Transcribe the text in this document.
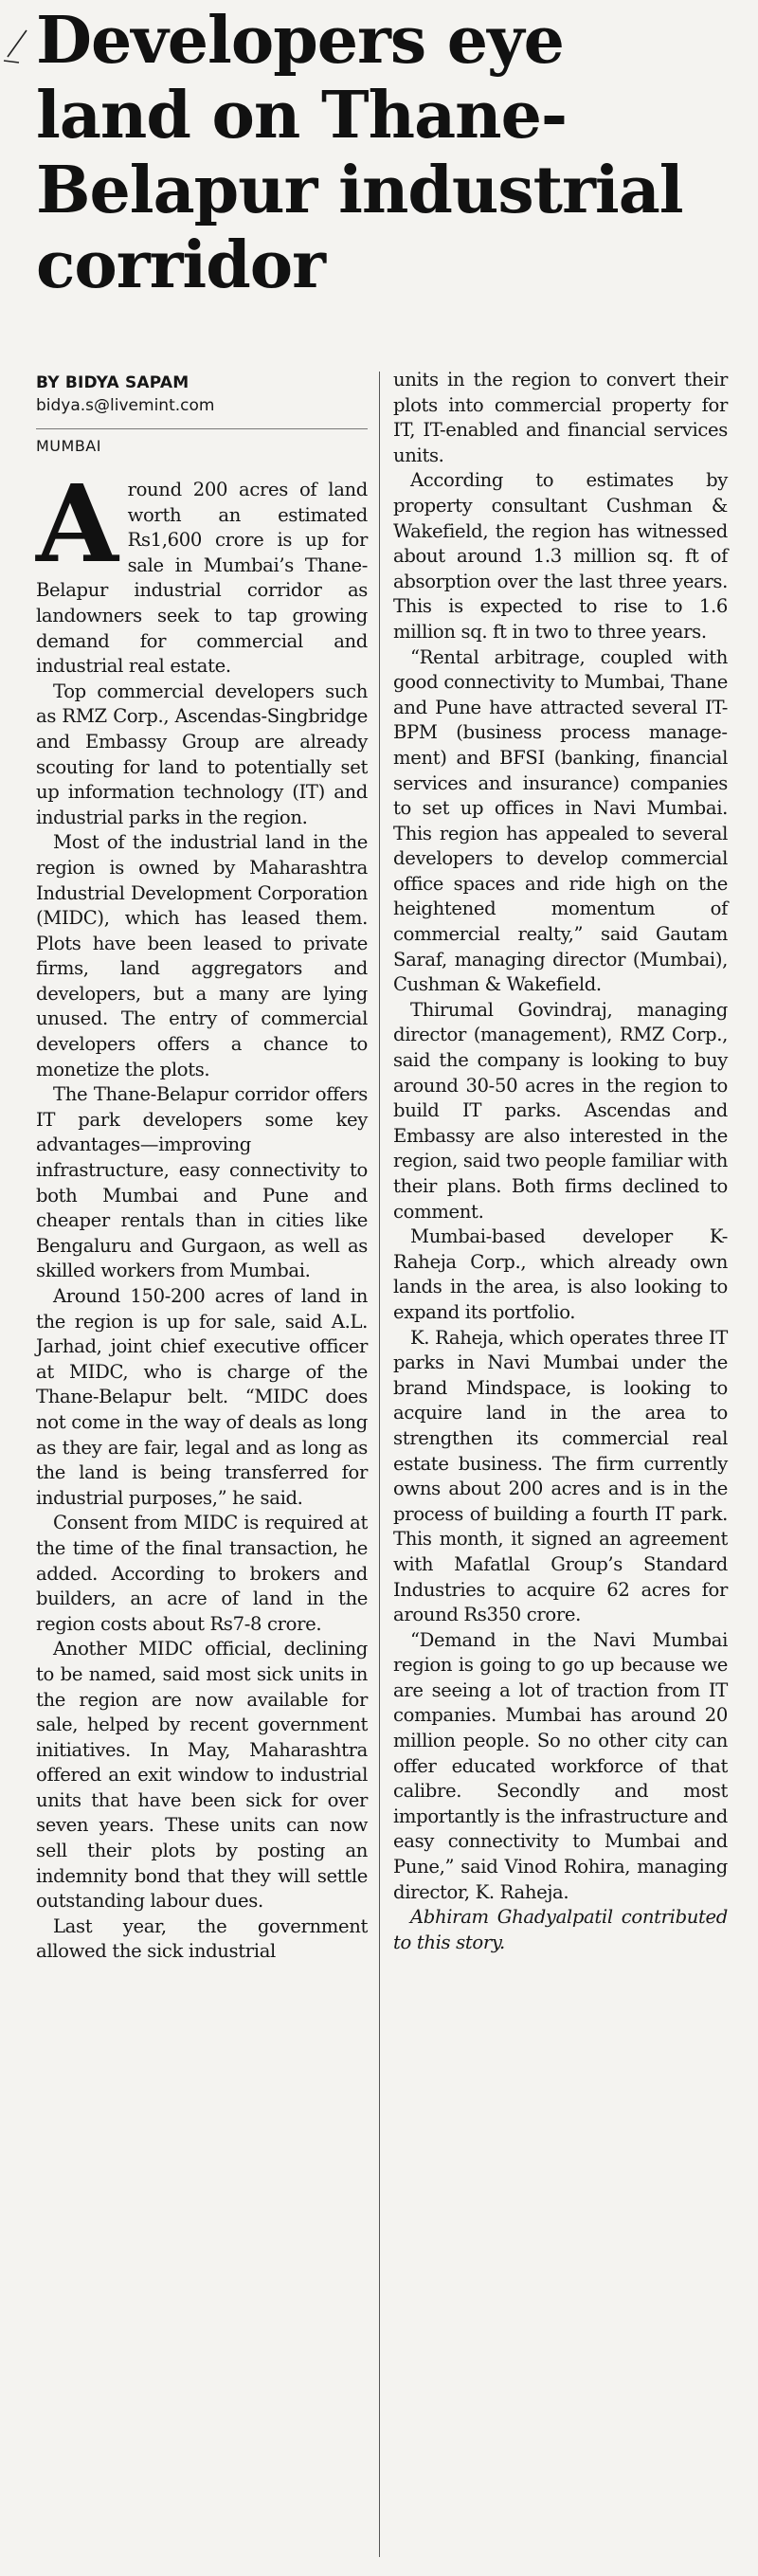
Developers eye land on Thane-Belapur industrial corridor
BY BIDYA SAPAM
bidya.s@livemint.com
MUMBAI

Around 200 acres of land worth an estimated Rs1,600 crore is up for sale in Mumbai’s Thane-Belapur industrial corridor as landowners seek to tap growing demand for commercial and industrial real estate.

Top commercial developers such as RMZ Corp., Ascendas-Singbridge and Embassy Group are already scouting for land to potentially set up information technology (IT) and industrial parks in the region.

Most of the industrial land in the region is owned by Maharashtra Industrial Development Corporation (MIDC), which has leased them. Plots have been leased to private firms, land aggregators and developers, but a many are lying unused. The entry of commercial developers offers a chance to monetize the plots.

The Thane-Belapur corridor offers IT park developers some key advantages—improving infrastructure, easy connectivity to both Mumbai and Pune and cheaper rentals than in cities like Bengaluru and Gurgaon, as well as skilled workers from Mumbai.

Around 150-200 acres of land in the region is up for sale, said A.L. Jarhad, joint chief executive officer at MIDC, who is charge of the Thane-Belapur belt. “MIDC does not come in the way of deals as long as they are fair, legal and as long as the land is being transferred for industrial purposes,” he said.

Consent from MIDC is required at the time of the final transaction, he added. According to brokers and builders, an acre of land in the region costs about Rs7-8 crore.

Another MIDC official, declining to be named, said most sick units in the region are now available for sale, helped by recent government initiatives. In May, Maharashtra offered an exit window to industrial units that have been sick for over seven years. These units can now sell their plots by posting an indemnity bond that they will settle outstanding labour dues.

Last year, the government allowed the sick industrial

units in the region to convert their plots into commercial property for IT, IT-enabled and financial services units.

According to estimates by property consultant Cushman & Wakefield, the region has witnessed about around 1.3 million sq. ft of absorption over the last three years. This is expected to rise to 1.6 million sq. ft in two to three years.

“Rental arbitrage, coupled with good connectivity to Mumbai, Thane and Pune have attracted several IT-BPM (business process management) and BFSI (banking, financial services and insurance) companies to set up offices in Navi Mumbai. This region has appealed to several developers to develop commercial office spaces and ride high on the heightened momentum of commercial realty,” said Gautam Saraf, managing director (Mumbai), Cushman & Wakefield.

Thirumal Govindraj, managing director (management), RMZ Corp., said the company is looking to buy around 30-50 acres in the region to build IT parks. Ascendas and Embassy are also interested in the region, said two people familiar with their plans. Both firms declined to comment.

Mumbai-based developer K-Raheja Corp., which already own lands in the area, is also looking to expand its portfolio.

K. Raheja, which operates three IT parks in Navi Mumbai under the brand Mindspace, is looking to acquire land in the area to strengthen its commercial real estate business. The firm currently owns about 200 acres and is in the process of building a fourth IT park. This month, it signed an agreement with Mafatlal Group’s Standard Industries to acquire 62 acres for around Rs350 crore.

“Demand in the Navi Mumbai region is going to go up because we are seeing a lot of traction from IT companies. Mumbai has around 20 million people. So no other city can offer educated workforce of that calibre. Secondly and most importantly is the infrastructure and easy connectivity to Mumbai and Pune,” said Vinod Rohira, managing director, K. Raheja.

Abhiram Ghadyalpatil contributed to this story.
